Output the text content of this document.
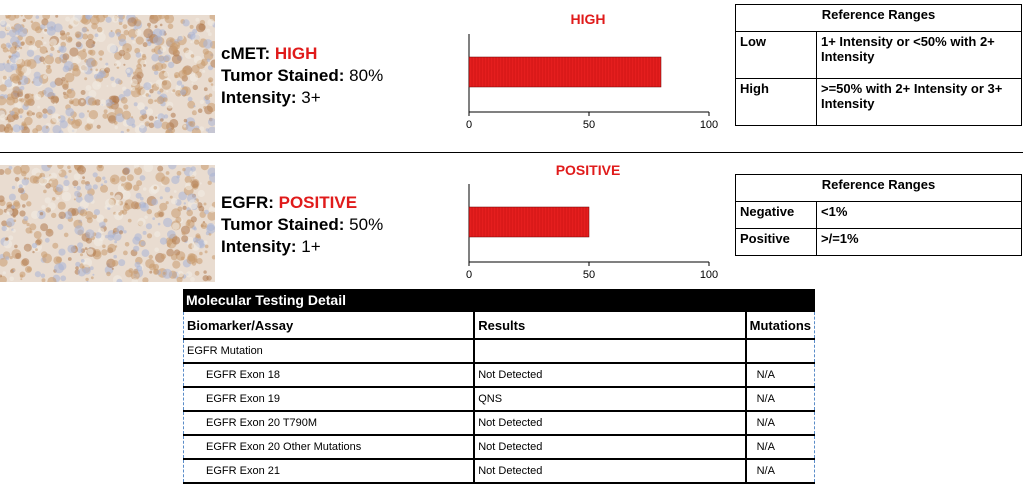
cMET: HIGH
Tumor Stained: 80%
Intensity: 3+
HIGH
0	50	100
Reference Ranges	
Low	1+ Intensity or <50% with 2+ Intensity
High	>=50% with 2+ Intensity or 3+ Intensity
EGFR: POSITIVE
Tumor Stained: 50%
Intensity: 1+
POSITIVE
0	50	100
Reference Ranges	
Negative	<1%
Positive	>/=1%
Molecular Testing Detail
Biomarker/Assay	Results	Mutations
EGFR Mutation		
EGFR Exon 18	Not Detected	N/A
EGFR Exon 19	QNS	N/A
EGFR Exon 20 T790M	Not Detected	N/A
EGFR Exon 20 Other Mutations	Not Detected	N/A
EGFR Exon 21	Not Detected	N/A
